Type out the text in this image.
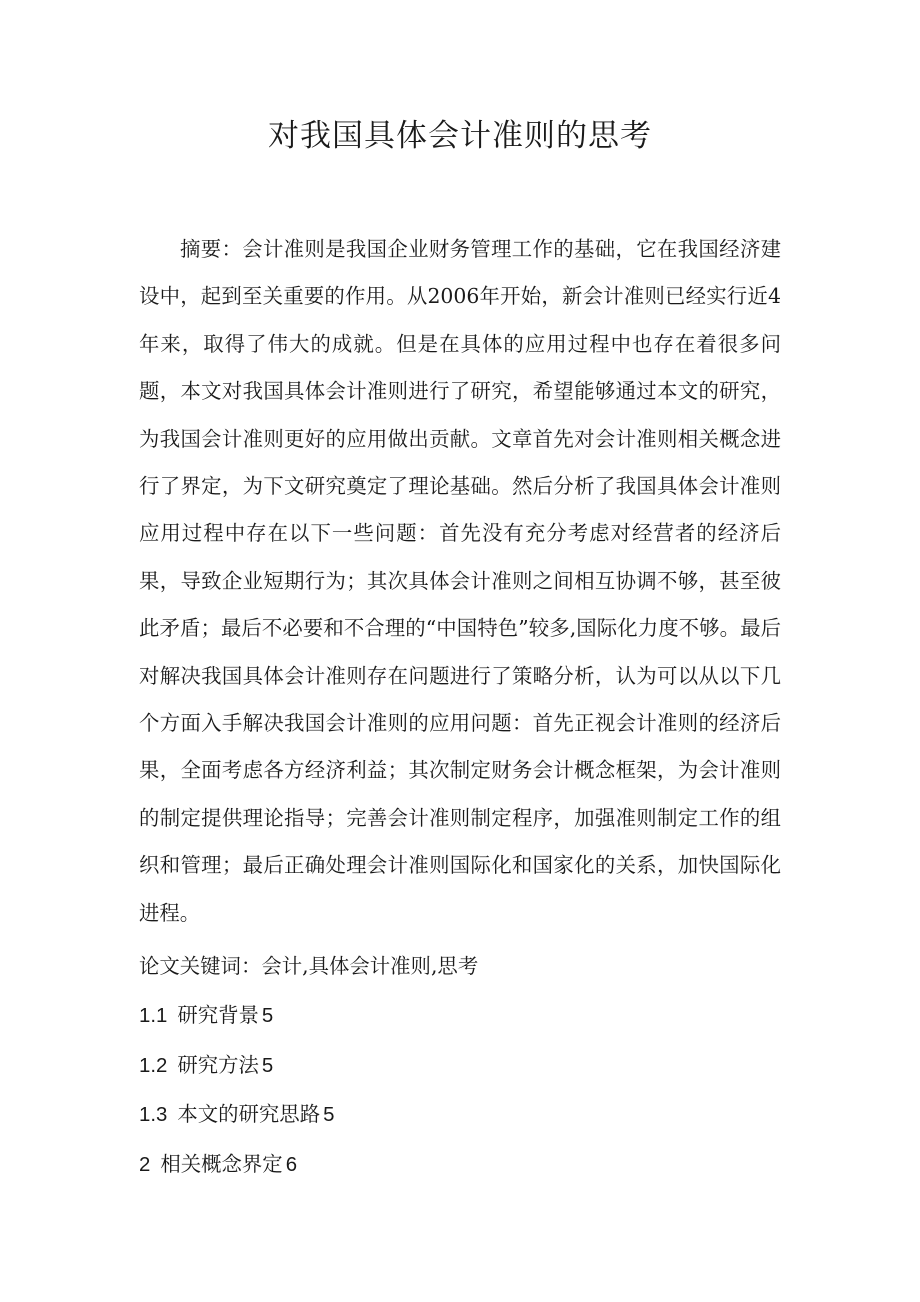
对我国具体会计准则的思考

摘要：会计准则是我国企业财务管理工作的基础，它在我国经济建设中，起到至关重要的作用。从2006年开始，新会计准则已经实行近4年来，取得了伟大的成就。但是在具体的应用过程中也存在着很多问题，本文对我国具体会计准则进行了研究，希望能够通过本文的研究，为我国会计准则更好的应用做出贡献。文章首先对会计准则相关概念进行了界定，为下文研究奠定了理论基础。然后分析了我国具体会计准则应用过程中存在以下一些问题：首先没有充分考虑对经营者的经济后果，导致企业短期行为；其次具体会计准则之间相互协调不够，甚至彼此矛盾；最后不必要和不合理的“中国特色”较多,国际化力度不够。最后对解决我国具体会计准则存在问题进行了策略分析，认为可以从以下几个方面入手解决我国会计准则的应用问题：首先正视会计准则的经济后果，全面考虑各方经济利益；其次制定财务会计概念框架，为会计准则的制定提供理论指导；完善会计准则制定程序，加强准则制定工作的组织和管理；最后正确处理会计准则国际化和国家化的关系，加快国际化进程。

论文关键词：会计,具体会计准则,思考

1.1 研究背景 5
1.2 研究方法 5
1.3 本文的研究思路 5
2 相关概念界定 6
